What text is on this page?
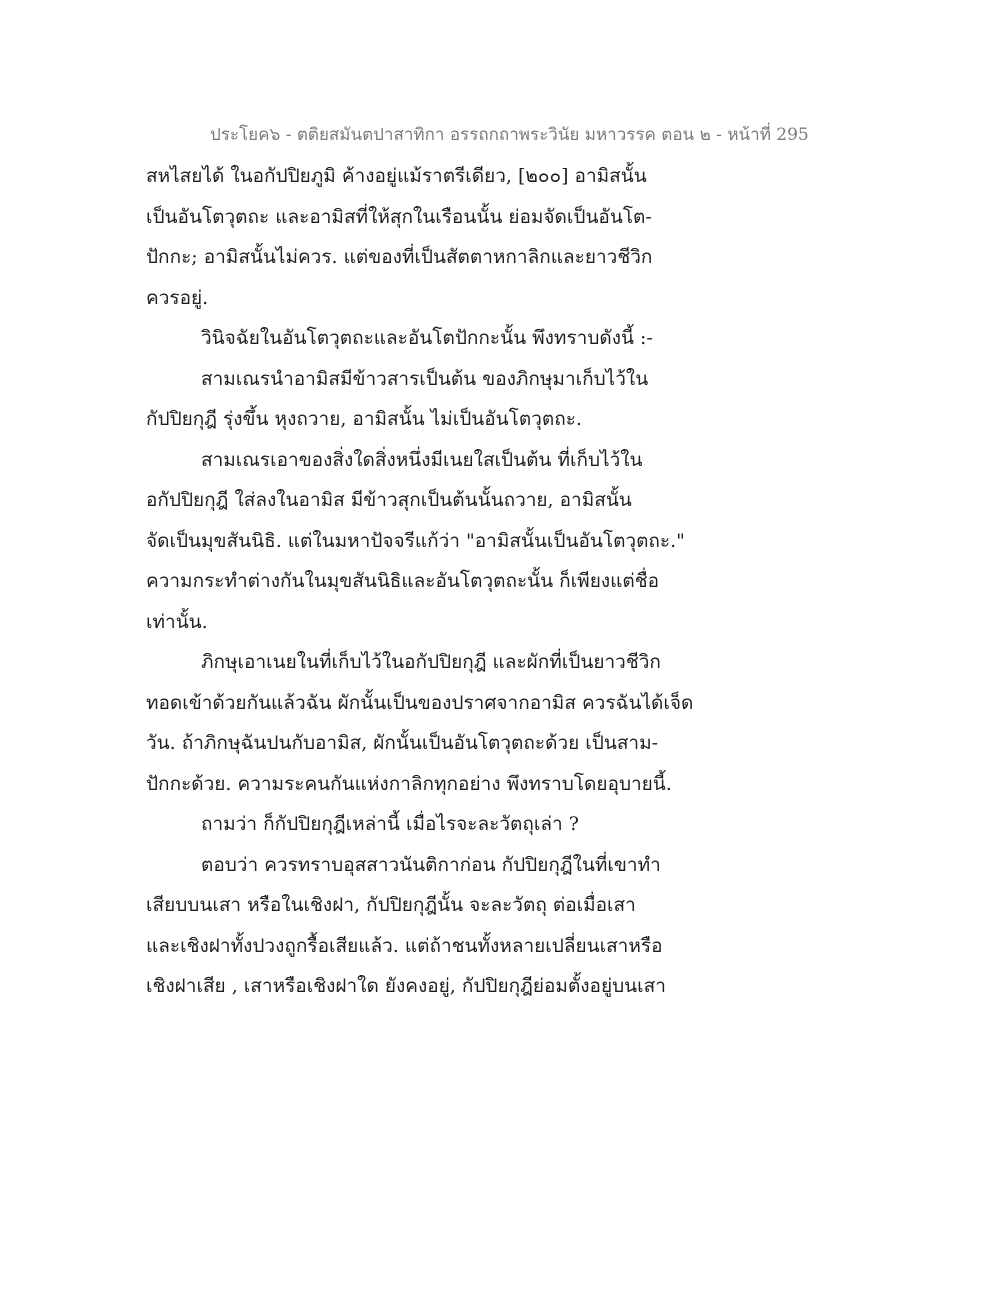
ประโยค๖ - ตติยสมันตปาสาทิกา อรรถกถาพระวินัย มหาวรรค ตอน ๒ - หน้าที่ 295
สหไสยได้ ในอกัปปิยภูมิ ค้างอยู่แม้ราตรีเดียว, [๒๐๐] อามิสนั้น
เป็นอันโตวุตถะ และอามิสที่ให้สุกในเรือนนั้น ย่อมจัดเป็นอันโต-
ปักกะ; อามิสนั้นไม่ควร. แต่ของที่เป็นสัตตาหกาลิกและยาวชีวิก
ควรอยู่.
วินิจฉัยในอันโตวุตถะและอันโตปักกะนั้น พึงทราบดังนี้ :-
สามเณรนำอามิสมีข้าวสารเป็นต้น ของภิกษุมาเก็บไว้ใน
กัปปิยกุฎี รุ่งขึ้น หุงถวาย, อามิสนั้น ไม่เป็นอันโตวุตถะ.
สามเณรเอาของสิ่งใดสิ่งหนึ่งมีเนยใสเป็นต้น ที่เก็บไว้ใน
อกัปปิยกุฎี ใส่ลงในอามิส มีข้าวสุกเป็นต้นนั้นถวาย, อามิสนั้น
จัดเป็นมุขสันนิธิ. แต่ในมหาปัจจรีแก้ว่า "อามิสนั้นเป็นอันโตวุตถะ."
ความกระทำต่างกันในมุขสันนิธิและอันโตวุตถะนั้น ก็เพียงแต่ชื่อ
เท่านั้น.
ภิกษุเอาเนยในที่เก็บไว้ในอกัปปิยกุฎี และผักที่เป็นยาวชีวิก
ทอดเข้าด้วยกันแล้วฉัน ผักนั้นเป็นของปราศจากอามิส ควรฉันได้เจ็ด
วัน. ถ้าภิกษุฉันปนกับอามิส, ผักนั้นเป็นอันโตวุตถะด้วย เป็นสาม-
ปักกะด้วย. ความระคนกันแห่งกาลิกทุกอย่าง พึงทราบโดยอุบายนี้.
ถามว่า ก็กัปปิยกุฎีเหล่านี้ เมื่อไรจะละวัตถุเล่า ?
ตอบว่า ควรทราบอุสสาวนันติกาก่อน กัปปิยกุฎีในที่เขาทำ
เสียบบนเสา หรือในเชิงฝา, กัปปิยกุฎีนั้น จะละวัตถุ ต่อเมื่อเสา
และเชิงฝาทั้งปวงถูกรื้อเสียแล้ว. แต่ถ้าชนทั้งหลายเปลี่ยนเสาหรือ
เชิงฝาเสีย , เสาหรือเชิงฝาใด ยังคงอยู่, กัปปิยกุฎีย่อมตั้งอยู่บนเสา
